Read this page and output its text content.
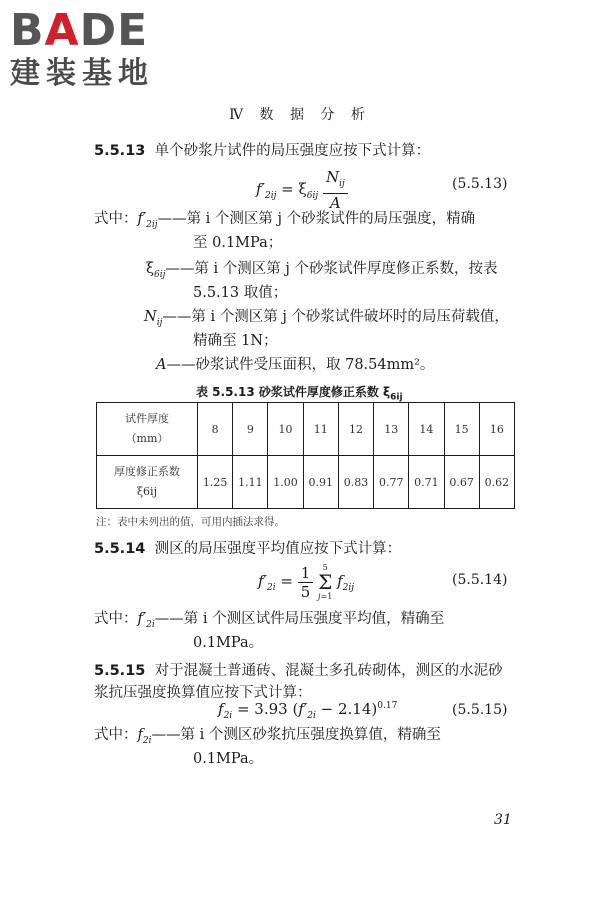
BADE
建装基地
Ⅳ 数 据 分 析
5.5.13 单个砂浆片试件的局压强度应按下式计算：
$f'_{2ij} = \xi_{6ij} \frac{N_{ij}}{A}$	(5.5.13)
式中：$f'_{2ij}——$第 i 个测区第 j 个砂浆试件的局压强度，精确
至 0.1MPa；
$\xi_{6ij}——$第 i 个测区第 j 个砂浆试件厚度修正系数，按表
5.5.13 取值；
$N_{ij}——$第 i 个测区第 j 个砂浆试件破坏时的局压荷载值，
精确至 1N；
A——砂浆试件受压面积，取 78.54mm²。
表 5.5.13 砂浆试件厚度修正系数 $\xi_{6ij}$
试件厚度
（mm）	8	9	10	11	12	13	14	15	16
厚度修正系数
ξ6ij	1.25	1.11	1.00	0.91	0.83	0.77	0.71	0.67	0.62
注：表中未列出的值，可用内插法求得。
5.5.14 测区的局压强度平均值应按下式计算：
$f'_{2i} = \frac{1}{5}$
	5
Σ
j=1
$f_{2ij}$	(5.5.14)
式中：$f'_{2i}——$第 i 个测区试件局压强度平均值，精确至
0.1MPa。
5.5.15 对于混凝土普通砖、混凝土多孔砖砌体，测区的水泥砂
浆抗压强度换算值应按下式计算：
$f_{2i} = 3.93$ $(f'_{2i} - 2.14)^{0.17}$	(5.5.15)
式中：$f_{2i}——$第 i 个测区砂浆抗压强度换算值，精确至
0.1MPa。
31
